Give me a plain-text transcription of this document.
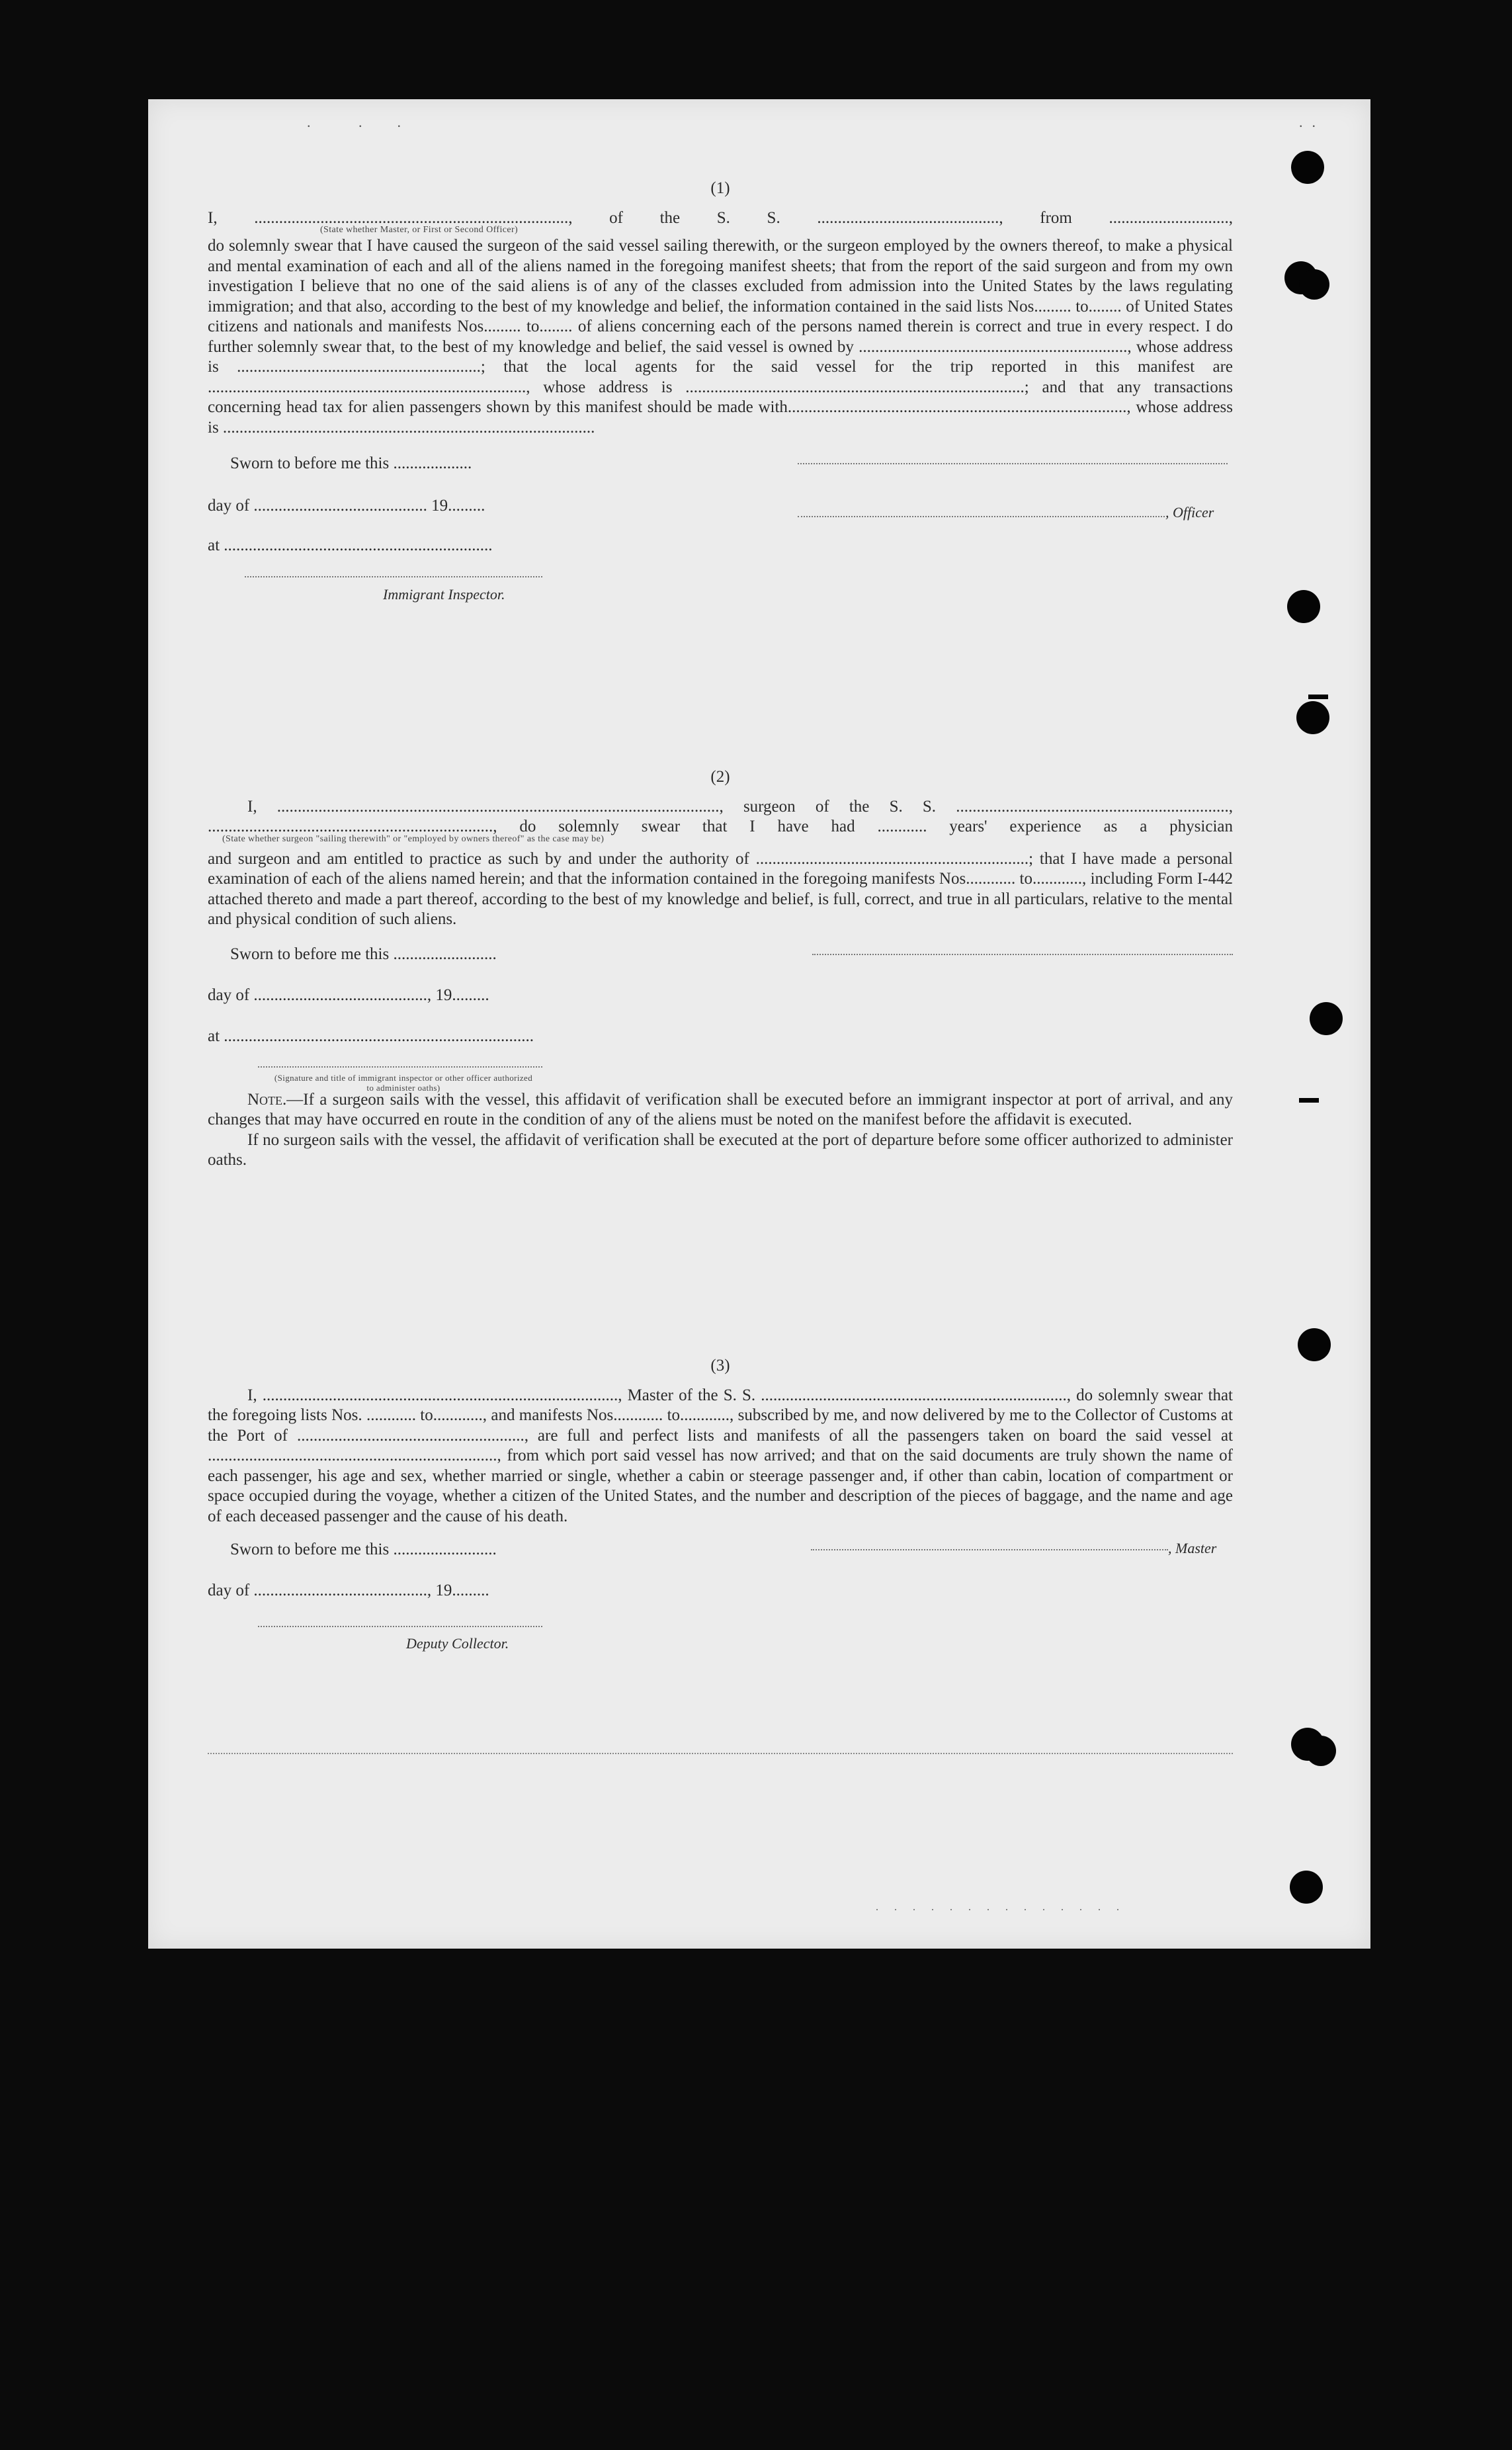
.   .  .	..
(1)
I, ............................................................................, of the S. S. ............................................, from .............................,
(State whether Master, or First or Second Officer)
do solemnly swear that I have caused the surgeon of the said vessel sailing therewith, or the surgeon employed by the owners thereof, to make a physical and mental examination of each and all of the aliens named in the foregoing manifest sheets; that from the report of the said surgeon and from my own investigation I believe that no one of the said aliens is of any of the classes excluded from admission into the United States by the laws regulating immigration; and that also, according to the best of my knowledge and belief, the information contained in the said lists Nos......... to........ of United States citizens and nationals and manifests Nos......... to........ of aliens concerning each of the persons named therein is correct and true in every respect. I do further solemnly swear that, to the best of my knowledge and belief, the said vessel is owned by ................................................................., whose address is ...........................................................; that the local agents for the said vessel for the trip reported in this manifest are ............................................................................., whose address is ..................................................................................; and that any transactions concerning head tax for alien passengers shown by this manifest should be made with.................................................................................., whose address is ..........................................................................................
Sworn to before me this ...................
day of .......................................... 19.........
at .................................................................
Immigrant Inspector.
, Officer
(2)
I, ..........................................................................................................., surgeon of the S. S. ..................................................................,
....................................................................., do solemnly swear that I have had ............ years' experience as a physician
(State whether surgeon "sailing therewith" or "employed by owners thereof" as the case may be)
and surgeon and am entitled to practice as such by and under the authority of ..................................................................; that I have made a personal examination of each of the aliens named herein; and that the information contained in the foregoing manifests Nos............ to............, including Form I-442 attached thereto and made a part thereof, according to the best of my knowledge and belief, is full, correct, and true in all particulars, relative to the mental and physical condition of such aliens.
Sworn to before me this .........................
day of .........................................., 19.........
at ...........................................................................
(Signature and title of immigrant inspector or other officer authorized to administer oaths)
Note.—If a surgeon sails with the vessel, this affidavit of verification shall be executed before an immigrant inspector at port of arrival, and any changes that may have occurred en route in the condition of any of the aliens must be noted on the manifest before the affidavit is executed.
If no surgeon sails with the vessel, the affidavit of verification shall be executed at the port of departure before some officer authorized to administer oaths.
(3)
I, ......................................................................................, Master of the S. S. .........................................................................., do solemnly swear that the foregoing lists Nos. ............ to............, and manifests Nos............ to............, subscribed by me, and now delivered by me to the Collector of Customs at the Port of ......................................................., are full and perfect lists and manifests of all the passengers taken on board the said vessel at ......................................................................, from which port said vessel has now arrived; and that on the said documents are truly shown the name of each passenger, his age and sex, whether married or single, whether a cabin or steerage passenger and, if other than cabin, location of compartment or space occupied during the voyage, whether a citizen of the United States, and the number and description of the pieces of baggage, and the name and age of each deceased passenger and the cause of his death.
Sworn to before me this .........................	, Master
day of .........................................., 19.........
Deputy Collector.
. . . . . . . . . . . . . .
